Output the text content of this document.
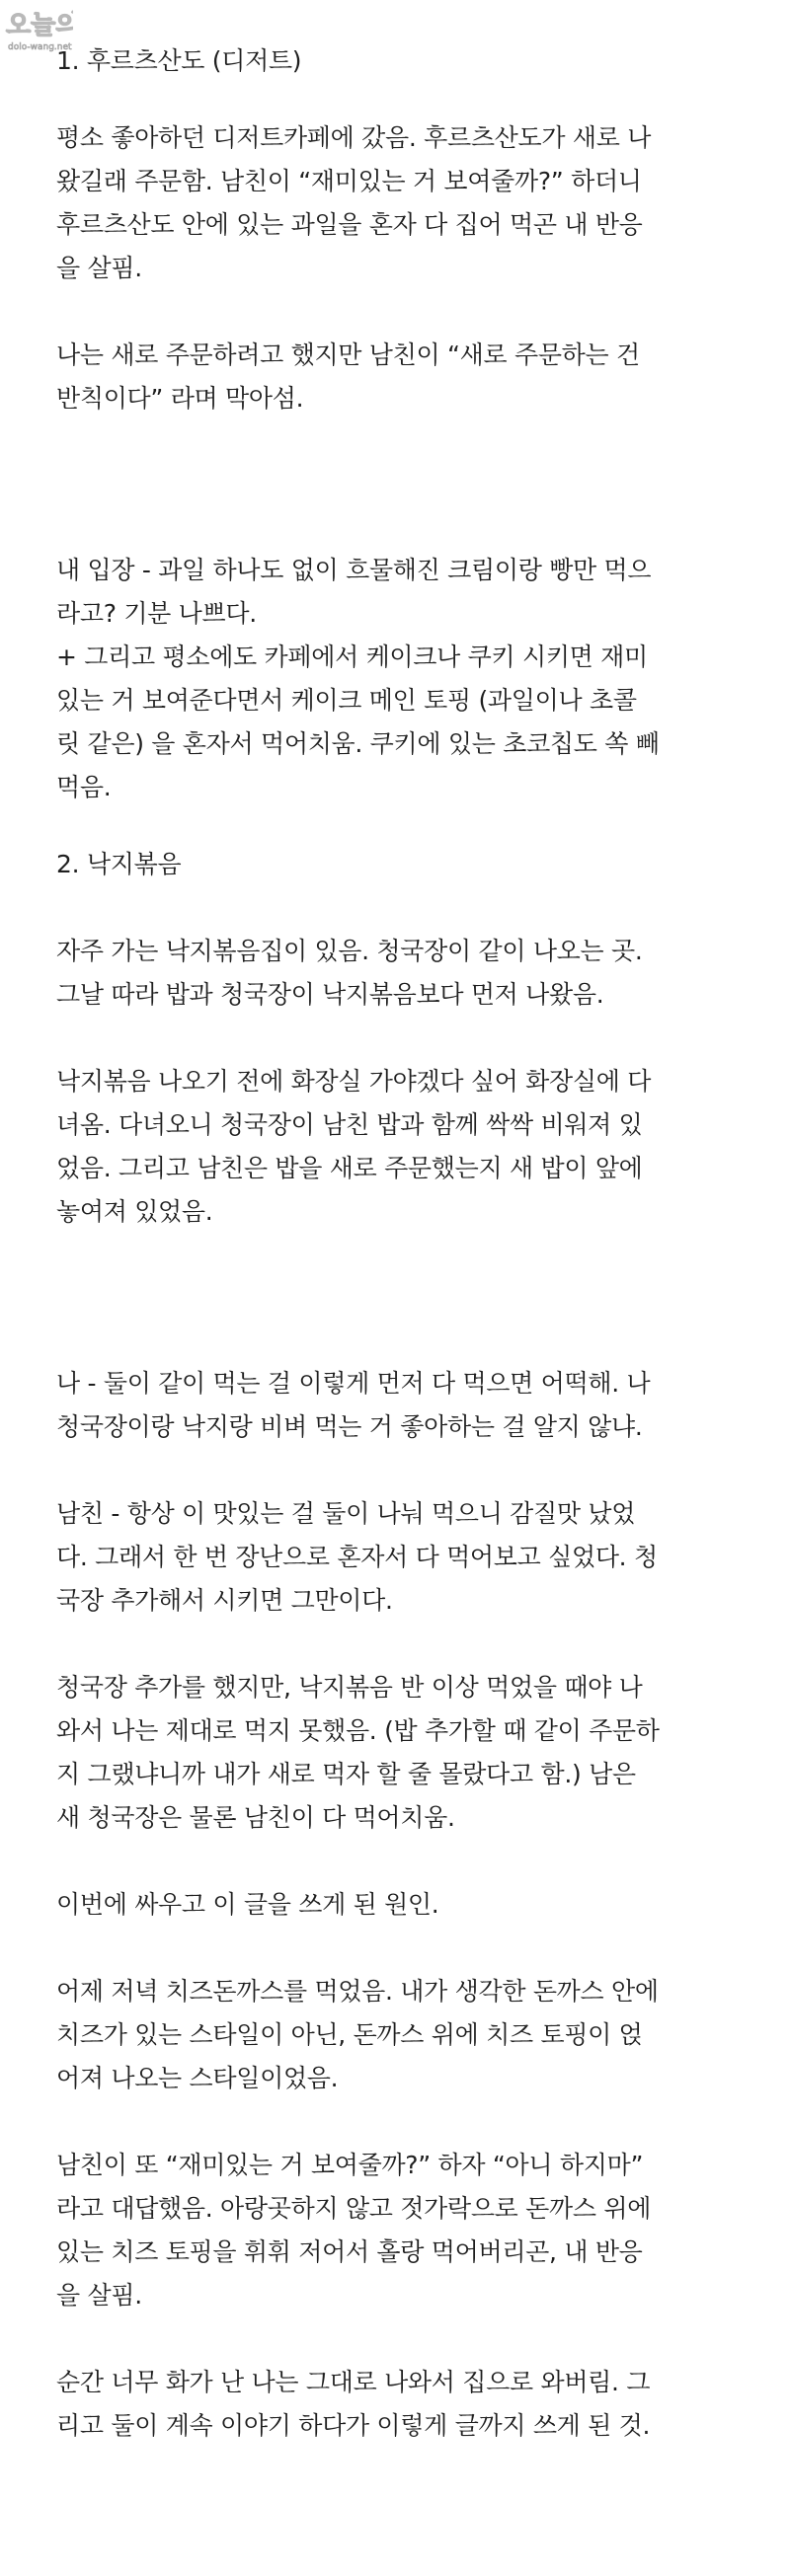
오늘의
dolo-wang.net
1. 후르츠산도 (디저트)
평소 좋아하던 디저트카페에 갔음. 후르츠산도가 새로 나
왔길래 주문함. 남친이 “재미있는 거 보여줄까?” 하더니
후르츠산도 안에 있는 과일을 혼자 다 집어 먹곤 내 반응
을 살핌.
나는 새로 주문하려고 했지만 남친이 “새로 주문하는 건
반칙이다” 라며 막아섬.
내 입장 - 과일 하나도 없이 흐물해진 크림이랑 빵만 먹으
라고? 기분 나쁘다.
+ 그리고 평소에도 카페에서 케이크나 쿠키 시키면 재미
있는 거 보여준다면서 케이크 메인 토핑 (과일이나 초콜
릿 같은) 을 혼자서 먹어치움. 쿠키에 있는 초코칩도 쏙 빼
먹음.
2. 낙지볶음
자주 가는 낙지볶음집이 있음. 청국장이 같이 나오는 곳.
그날 따라 밥과 청국장이 낙지볶음보다 먼저 나왔음.
낙지볶음 나오기 전에 화장실 가야겠다 싶어 화장실에 다
녀옴. 다녀오니 청국장이 남친 밥과 함께 싹싹 비워져 있
었음. 그리고 남친은 밥을 새로 주문했는지 새 밥이 앞에
놓여져 있었음.
나 - 둘이 같이 먹는 걸 이렇게 먼저 다 먹으면 어떡해. 나
청국장이랑 낙지랑 비벼 먹는 거 좋아하는 걸 알지 않냐.
남친 - 항상 이 맛있는 걸 둘이 나눠 먹으니 감질맛 났었
다. 그래서 한 번 장난으로 혼자서 다 먹어보고 싶었다. 청
국장 추가해서 시키면 그만이다.
청국장 추가를 했지만, 낙지볶음 반 이상 먹었을 때야 나
와서 나는 제대로 먹지 못했음. (밥 추가할 때 같이 주문하
지 그랬냐니까 내가 새로 먹자 할 줄 몰랐다고 함.) 남은
새 청국장은 물론 남친이 다 먹어치움.
이번에 싸우고 이 글을 쓰게 된 원인.
어제 저녁 치즈돈까스를 먹었음. 내가 생각한 돈까스 안에
치즈가 있는 스타일이 아닌, 돈까스 위에 치즈 토핑이 얹
어져 나오는 스타일이었음.
남친이 또 “재미있는 거 보여줄까?” 하자 “아니 하지마”
라고 대답했음. 아랑곳하지 않고 젓가락으로 돈까스 위에
있는 치즈 토핑을 휘휘 저어서 홀랑 먹어버리곤, 내 반응
을 살핌.
순간 너무 화가 난 나는 그대로 나와서 집으로 와버림. 그
리고 둘이 계속 이야기 하다가 이렇게 글까지 쓰게 된 것.
